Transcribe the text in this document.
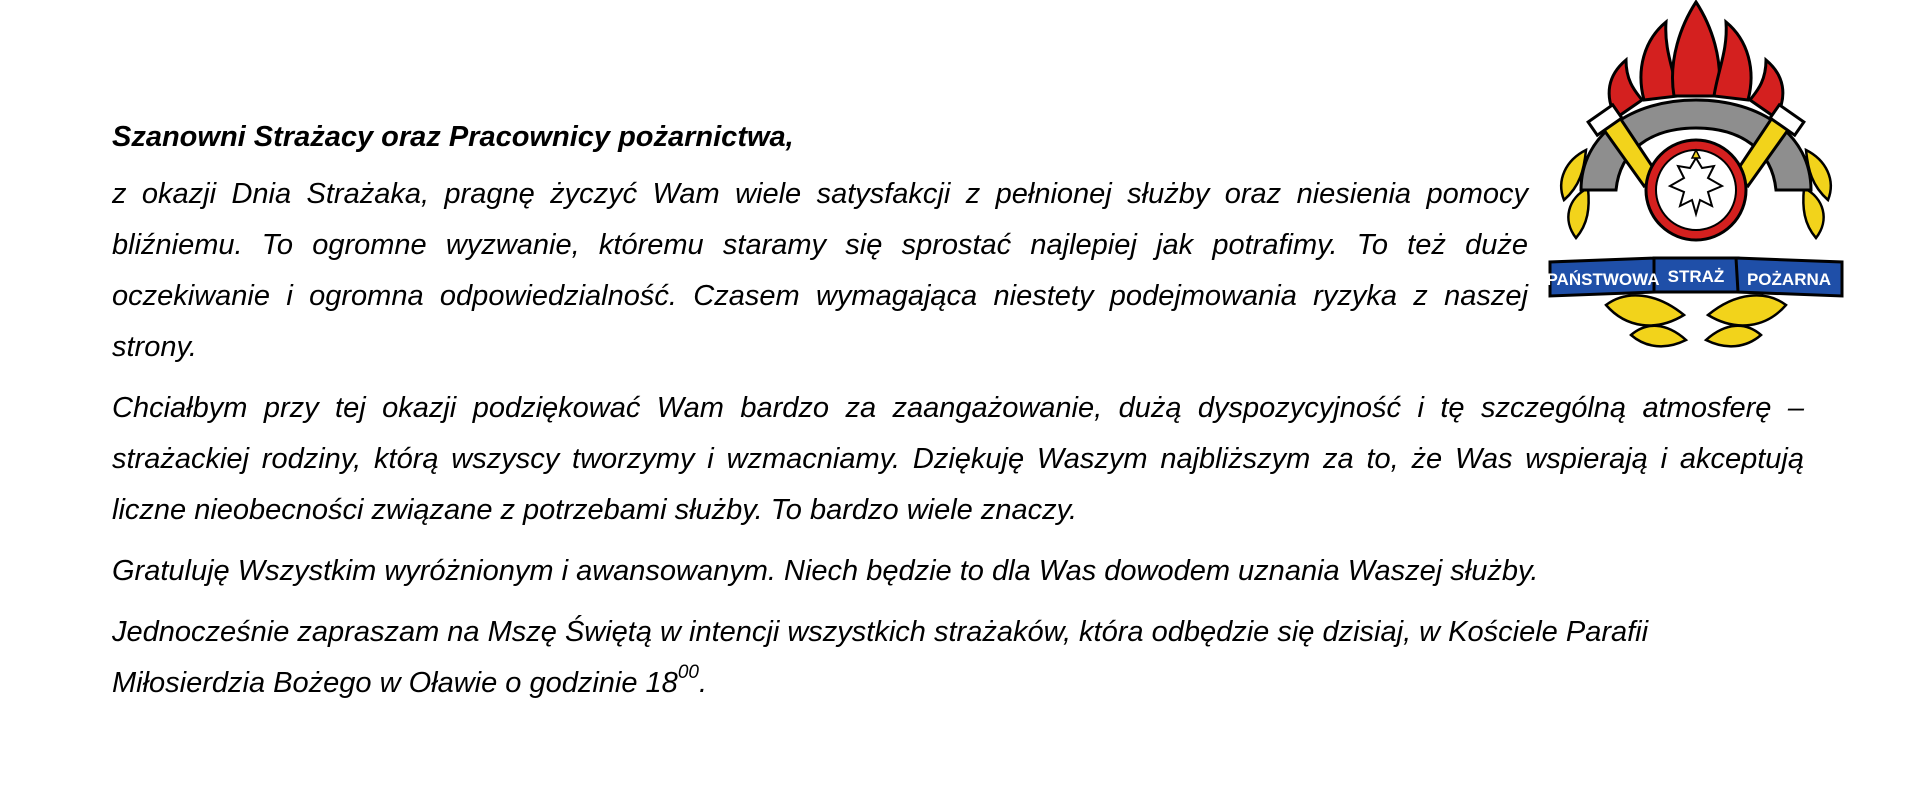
Szanowni Strażacy oraz Pracownicy pożarnictwa,

z okazji Dnia Strażaka, pragnę życzyć Wam wiele satysfakcji z pełnionej służby oraz niesienia pomocy bliźniemu. To ogromne wyzwanie, któremu staramy się sprostać najlepiej jak potrafimy. To też duże oczekiwanie i ogromna odpowiedzialność. Czasem wymagająca niestety podejmowania ryzyka z naszej strony.

Chciałbym przy tej okazji podziękować Wam bardzo za zaangażowanie, dużą dyspozycyjność i tę szczególną atmosferę – strażackiej rodziny, którą wszyscy tworzymy i wzmacniamy. Dziękuję Waszym najbliższym za to, że Was wspierają i akceptują liczne nieobecności związane z potrzebami służby. To bardzo wiele znaczy.

Gratuluję Wszystkim wyróżnionym i awansowanym. Niech będzie to dla Was dowodem uznania Waszej służby.

Jednocześnie zapraszam na Mszę Świętą w intencji wszystkich strażaków, która odbędzie się dzisiaj, w Kościele Parafii Miłosierdzia Bożego w Oławie o godzinie $18^{00}$.

PAŃSTWOWA STRAŻ POŻARNA
